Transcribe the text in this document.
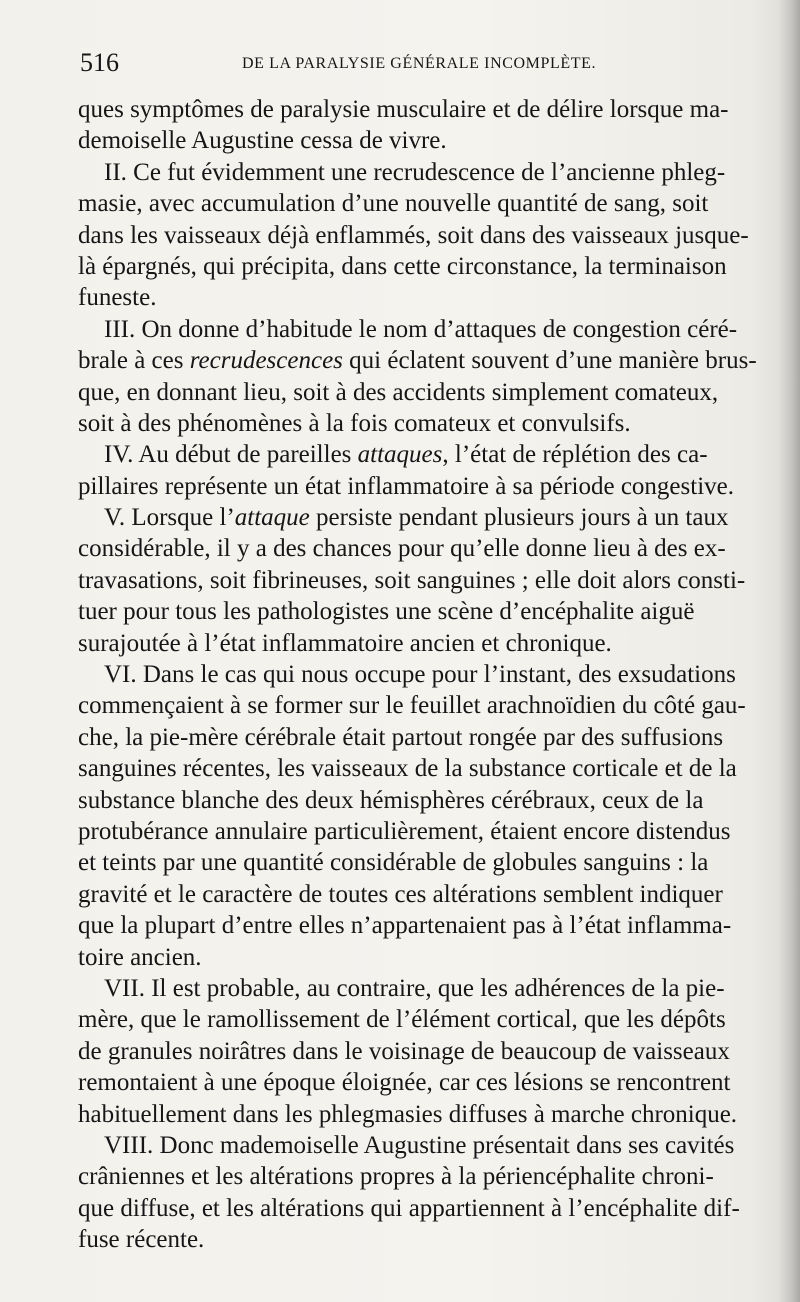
516	DE LA PARALYSIE GÉNÉRALE INCOMPLÈTE.
ques symptômes de paralysie musculaire et de délire lorsque ma-
demoiselle Augustine cessa de vivre.
II. Ce fut évidemment une recrudescence de l’ancienne phleg-
masie, avec accumulation d’une nouvelle quantité de sang, soit
dans les vaisseaux déjà enflammés, soit dans des vaisseaux jusque-
là épargnés, qui précipita, dans cette circonstance, la terminaison
funeste.
III. On donne d’habitude le nom d’attaques de congestion céré-
brale à ces recrudescences qui éclatent souvent d’une manière brus-
que, en donnant lieu, soit à des accidents simplement comateux,
soit à des phénomènes à la fois comateux et convulsifs.
IV. Au début de pareilles attaques, l’état de réplétion des ca-
pillaires représente un état inflammatoire à sa période congestive.
V. Lorsque l’attaque persiste pendant plusieurs jours à un taux
considérable, il y a des chances pour qu’elle donne lieu à des ex-
travasations, soit fibrineuses, soit sanguines ; elle doit alors consti-
tuer pour tous les pathologistes une scène d’encéphalite aiguë
surajoutée à l’état inflammatoire ancien et chronique.
VI. Dans le cas qui nous occupe pour l’instant, des exsudations
commençaient à se former sur le feuillet arachnoïdien du côté gau-
che, la pie-mère cérébrale était partout rongée par des suffusions
sanguines récentes, les vaisseaux de la substance corticale et de la
substance blanche des deux hémisphères cérébraux, ceux de la
protubérance annulaire particulièrement, étaient encore distendus
et teints par une quantité considérable de globules sanguins : la
gravité et le caractère de toutes ces altérations semblent indiquer
que la plupart d’entre elles n’appartenaient pas à l’état inflamma-
toire ancien.
VII. Il est probable, au contraire, que les adhérences de la pie-
mère, que le ramollissement de l’élément cortical, que les dépôts
de granules noirâtres dans le voisinage de beaucoup de vaisseaux
remontaient à une époque éloignée, car ces lésions se rencontrent
habituellement dans les phlegmasies diffuses à marche chronique.
VIII. Donc mademoiselle Augustine présentait dans ses cavités
crâniennes et les altérations propres à la périencéphalite chroni-
que diffuse, et les altérations qui appartiennent à l’encéphalite dif-
fuse récente.
